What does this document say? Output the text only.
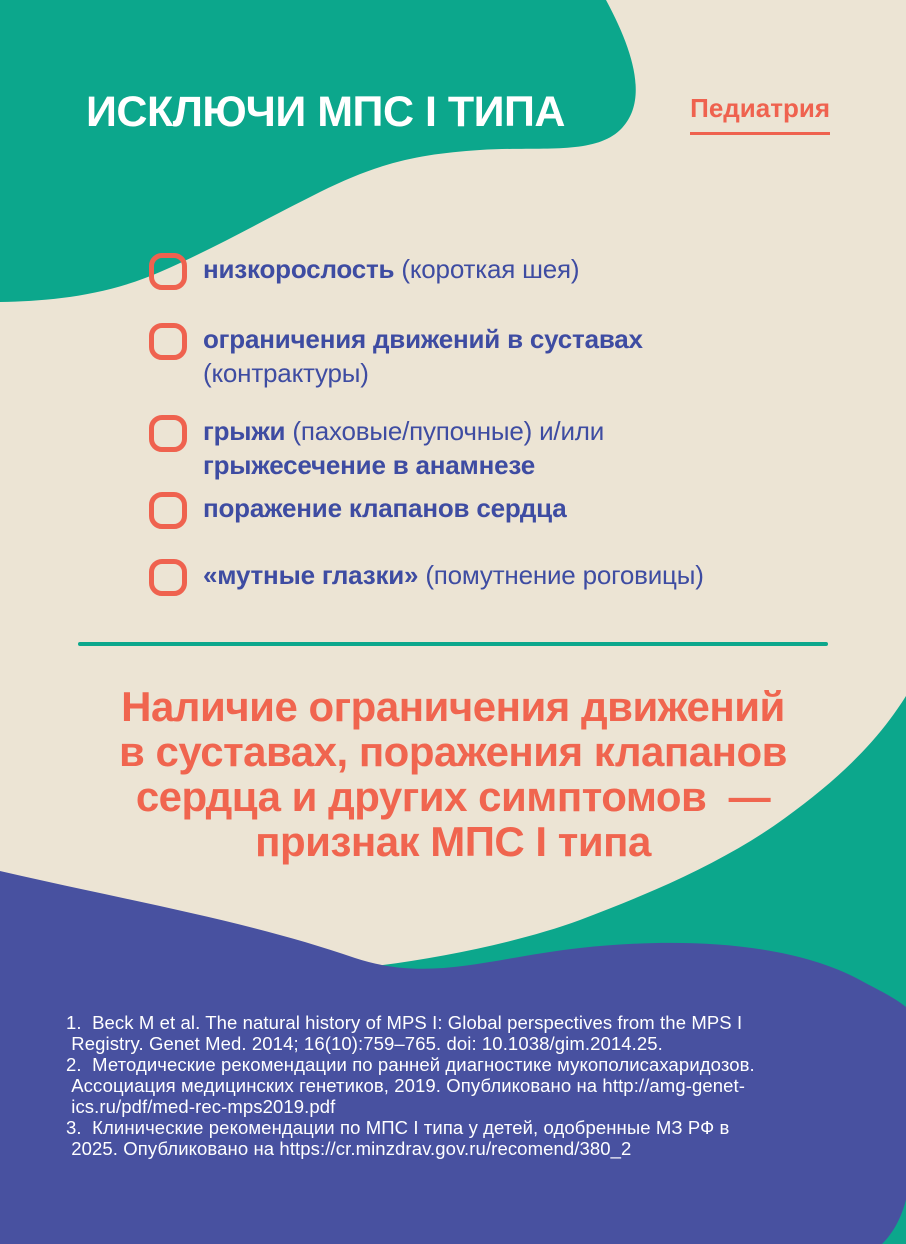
ИСКЛЮЧИ МПС I ТИПА	Педиатрия
низкорослость (короткая шея)
ограничения движений в суставах
(контрактуры)
грыжи (паховые/пупочные) и/или
грыжесечение в анамнезе
поражение клапанов сердца
«мутные глазки» (помутнение роговицы)
Наличие ограничения движений
в суставах, поражения клапанов
сердца и других симптомов  —
признак МПС I типа
1.  Beck M et al. The natural history of MPS I: Global perspectives from the MPS I
Registry. Genet Med. 2014; 16(10):759–765. doi: 10.1038/gim.2014.25.
2.  Методические рекомендации по ранней диагностике мукополисахаридозов.
Ассоциация медицинских генетиков, 2019. Опубликовано на http://amg-genet-
ics.ru/pdf/med-rec-mps2019.pdf
3.  Клинические рекомендации по МПС I типа у детей, одобренные МЗ РФ в
2025. Опубликовано на https://cr.minzdrav.gov.ru/recomend/380_2
